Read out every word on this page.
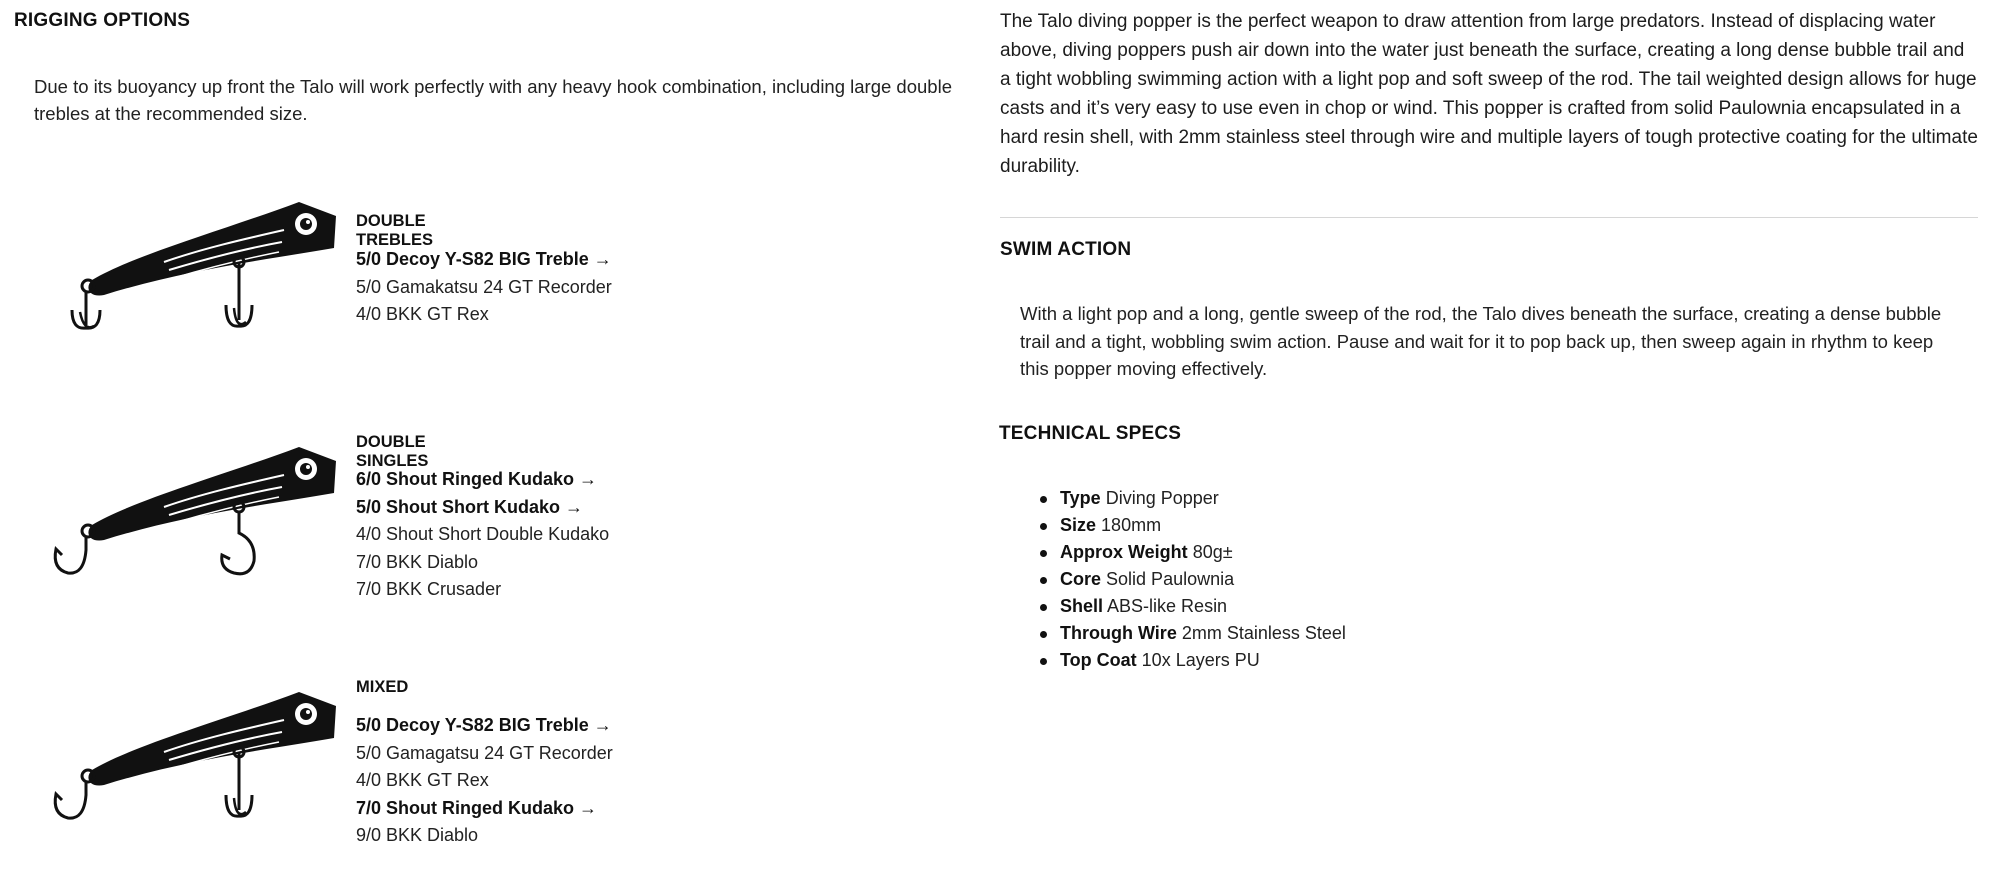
RIGGING OPTIONS
Due to its buoyancy up front the Talo will work perfectly with any heavy hook combination, including large double trebles at the recommended size.
DOUBLE TREBLES
5/0 Decoy Y-S82 BIG Treble →
5/0 Gamakatsu 24 GT Recorder
4/0 BKK GT Rex
DOUBLE SINGLES
6/0 Shout Ringed Kudako →
5/0 Shout Short Kudako →
4/0 Shout Short Double Kudako
7/0 BKK Diablo
7/0 BKK Crusader
MIXED
5/0 Decoy Y-S82 BIG Treble →
5/0 Gamagatsu 24 GT Recorder
4/0 BKK GT Rex
7/0 Shout Ringed Kudako →
9/0 BKK Diablo
The Talo diving popper is the perfect weapon to draw attention from large predators. Instead of displacing water above, diving poppers push air down into the water just beneath the surface, creating a long dense bubble trail and a tight wobbling swimming action with a light pop and soft sweep of the rod. The tail weighted design allows for huge casts and it’s very easy to use even in chop or wind. This popper is crafted from solid Paulownia encapsulated in a hard resin shell, with 2mm stainless steel through wire and multiple layers of tough protective coating for the ultimate durability.
SWIM ACTION
With a light pop and a long, gentle sweep of the rod, the Talo dives beneath the surface, creating a dense bubble trail and a tight, wobbling swim action. Pause and wait for it to pop back up, then sweep again in rhythm to keep this popper moving effectively.
TECHNICAL SPECS
Type Diving Popper
Size 180mm
Approx Weight 80g±
Core Solid Paulownia
Shell ABS-like Resin
Through Wire 2mm Stainless Steel
Top Coat 10x Layers PU
